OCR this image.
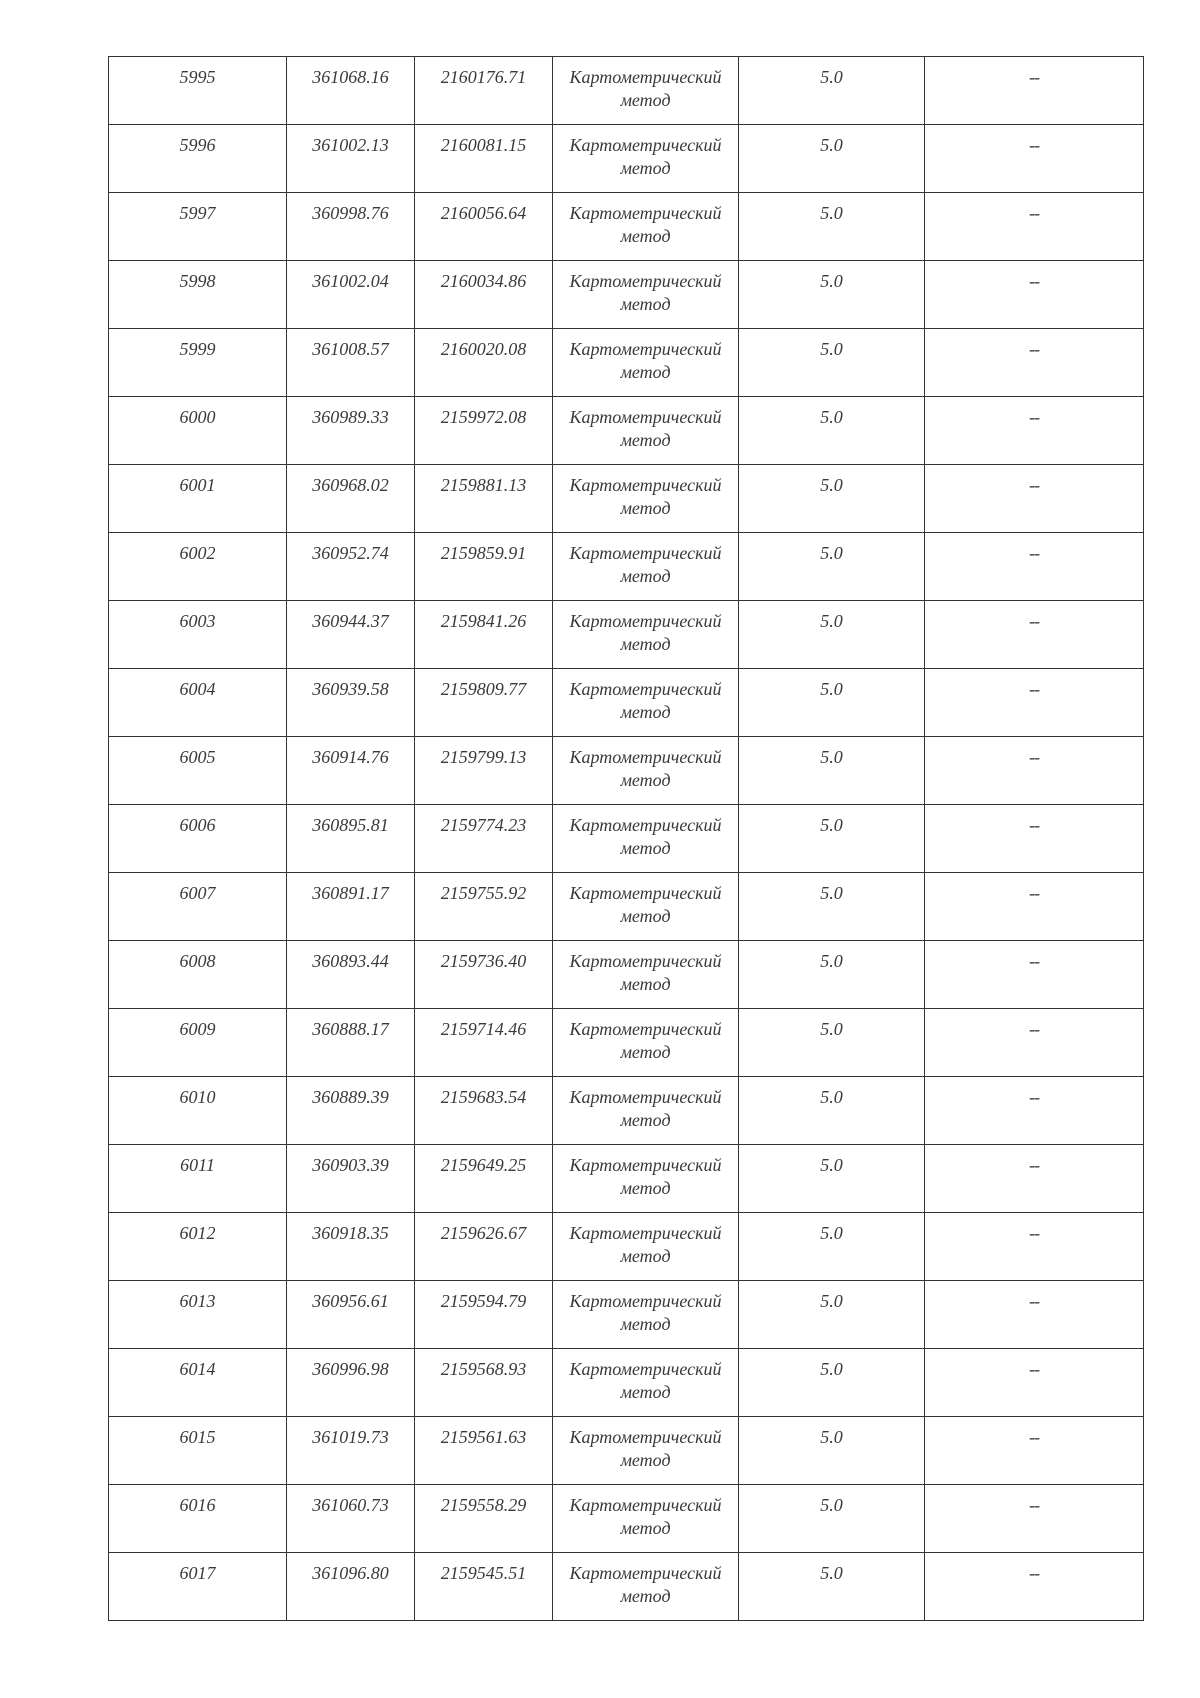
5995	361068.16	2160176.71	Картометрический
метод	5.0	--

5996	361002.13	2160081.15	Картометрический
метод	5.0	--

5997	360998.76	2160056.64	Картометрический
метод	5.0	--

5998	361002.04	2160034.86	Картометрический
метод	5.0	--

5999	361008.57	2160020.08	Картометрический
метод	5.0	--

6000	360989.33	2159972.08	Картометрический
метод	5.0	--

6001	360968.02	2159881.13	Картометрический
метод	5.0	--

6002	360952.74	2159859.91	Картометрический
метод	5.0	--

6003	360944.37	2159841.26	Картометрический
метод	5.0	--

6004	360939.58	2159809.77	Картометрический
метод	5.0	--

6005	360914.76	2159799.13	Картометрический
метод	5.0	--

6006	360895.81	2159774.23	Картометрический
метод	5.0	--

6007	360891.17	2159755.92	Картометрический
метод	5.0	--

6008	360893.44	2159736.40	Картометрический
метод	5.0	--

6009	360888.17	2159714.46	Картометрический
метод	5.0	--

6010	360889.39	2159683.54	Картометрический
метод	5.0	--

6011	360903.39	2159649.25	Картометрический
метод	5.0	--

6012	360918.35	2159626.67	Картометрический
метод	5.0	--

6013	360956.61	2159594.79	Картометрический
метод	5.0	--

6014	360996.98	2159568.93	Картометрический
метод	5.0	--

6015	361019.73	2159561.63	Картометрический
метод	5.0	--

6016	361060.73	2159558.29	Картометрический
метод	5.0	--

6017	361096.80	2159545.51	Картометрический
метод	5.0	--
